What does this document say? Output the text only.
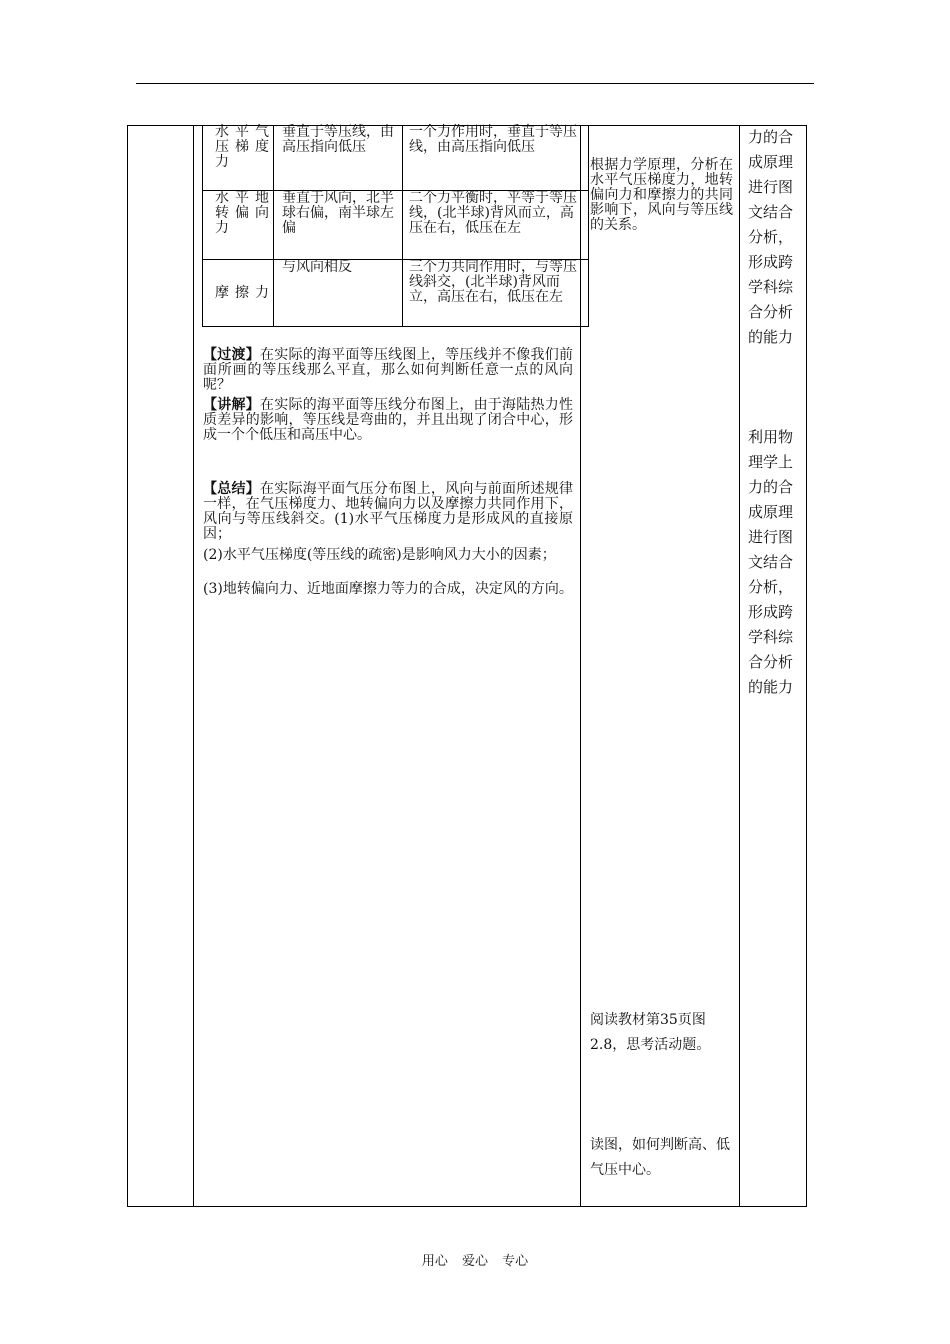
水平气压梯度力	垂直于等压线，由高压指向低压	一个力作用时，垂直于等压线，由高压指向低压
水平地转偏向力	垂直于风向，北半球右偏，南半球左偏	二个力平衡时，平等于等压线，(北半球)背风而立，高压在右，低压在左
摩擦力	与风向相反	三个力共同作用时，与等压线斜交，(北半球)背风而立，高压在右，低压在左
【过渡】在实际的海平面等压线图上，等压线并不像我们前面所画的等压线那么平直，那么如何判断任意一点的风向呢？
【讲解】在实际的海平面等压线分布图上，由于海陆热力性质差异的影响，等压线是弯曲的，并且出现了闭合中心，形成一个个低压和高压中心。
【总结】在实际海平面气压分布图上，风向与前面所述规律一样，在气压梯度力、地转偏向力以及摩擦力共同作用下，风向与等压线斜交。(1)水平气压梯度力是形成风的直接原因；
(2)水平气压梯度(等压线的疏密)是影响风力大小的因素；
(3)地转偏向力、近地面摩擦力等力的合成，决定风的方向。
根据力学原理，分析在水平气压梯度力，地转偏向力和摩擦力的共同影响下，风向与等压线的关系。
阅读教材第35页图2.8，思考活动题。
读图，如何判断高、低气压中心。
力的合成原理进行图文结合分析，形成跨学科综合分析的能力
利用物理学上力的合成原理进行图文结合分析，形成跨学科综合分析的能力
用心 爱心 专心
